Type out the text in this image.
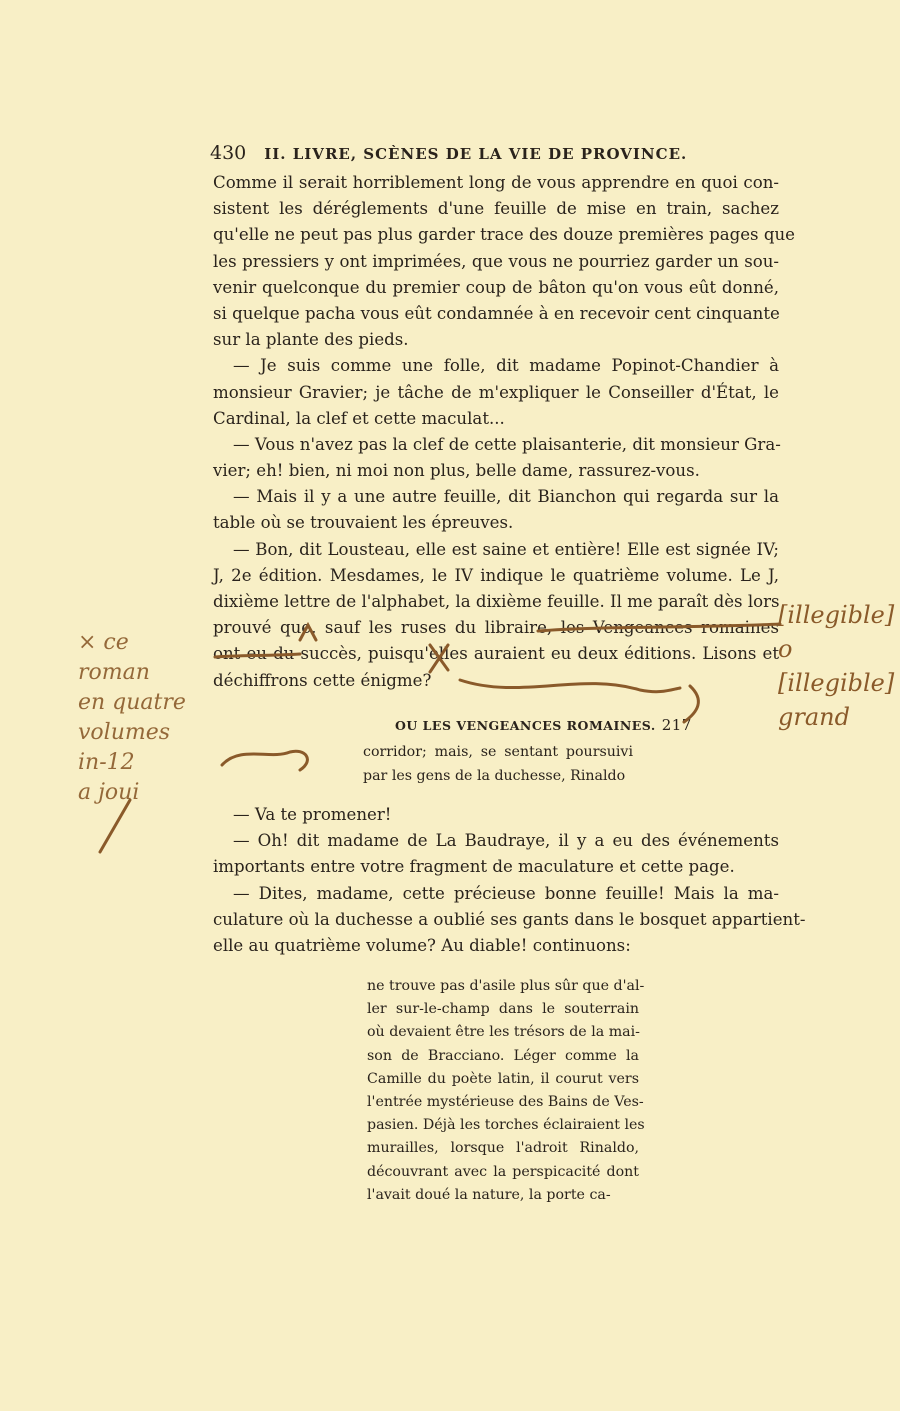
430 II. LIVRE, SCÈNES DE LA VIE DE PROVINCE.
Comme il serait horriblement long de vous apprendre en quoi con-
sistent les déréglements d'une feuille de mise en train, sachez
qu'elle ne peut pas plus garder trace des douze premières pages que
les pressiers y ont imprimées, que vous ne pourriez garder un sou-
venir quelconque du premier coup de bâton qu'on vous eût donné,
si quelque pacha vous eût condamnée à en recevoir cent cinquante
sur la plante des pieds.
— Je suis comme une folle, dit madame Popinot-Chandier à
monsieur Gravier; je tâche de m'expliquer le Conseiller d'État, le
Cardinal, la clef et cette maculat...
— Vous n'avez pas la clef de cette plaisanterie, dit monsieur Gra-
vier; eh! bien, ni moi non plus, belle dame, rassurez-vous.
— Mais il y a une autre feuille, dit Bianchon qui regarda sur la
table où se trouvaient les épreuves.
— Bon, dit Lousteau, elle est saine et entière! Elle est signée IV;
J, 2e édition. Mesdames, le IV indique le quatrième volume. Le J,
dixième lettre de l'alphabet, la dixième feuille. Il me paraît dès lors
prouvé que, sauf les ruses du libraire, les Vengeances romaines
ont eu du succès, puisqu'elles auraient eu deux éditions. Lisons et
déchiffrons cette énigme?
OU LES VENGEANCES ROMAINES. 217
corridor; mais, se sentant poursuivi
par les gens de la duchesse, Rinaldo
— Va te promener!
— Oh! dit madame de La Baudraye, il y a eu des événements
importants entre votre fragment de maculature et cette page.
— Dites, madame, cette précieuse bonne feuille! Mais la ma-
culature où la duchesse a oublié ses gants dans le bosquet appartient-
elle au quatrième volume? Au diable! continuons:
ne trouve pas d'asile plus sûr que d'al-
ler sur-le-champ dans le souterrain
où devaient être les trésors de la mai-
son de Bracciano. Léger comme la
Camille du poète latin, il courut vers
l'entrée mystérieuse des Bains de Ves-
pasien. Déjà les torches éclairaient les
murailles, lorsque l'adroit Rinaldo,
découvrant avec la perspicacité dont
l'avait doué la nature, la porte ca-
× ce
roman
en quatre
volumes
in-12
a joui
[illegible]
o
[illegible]
grand
